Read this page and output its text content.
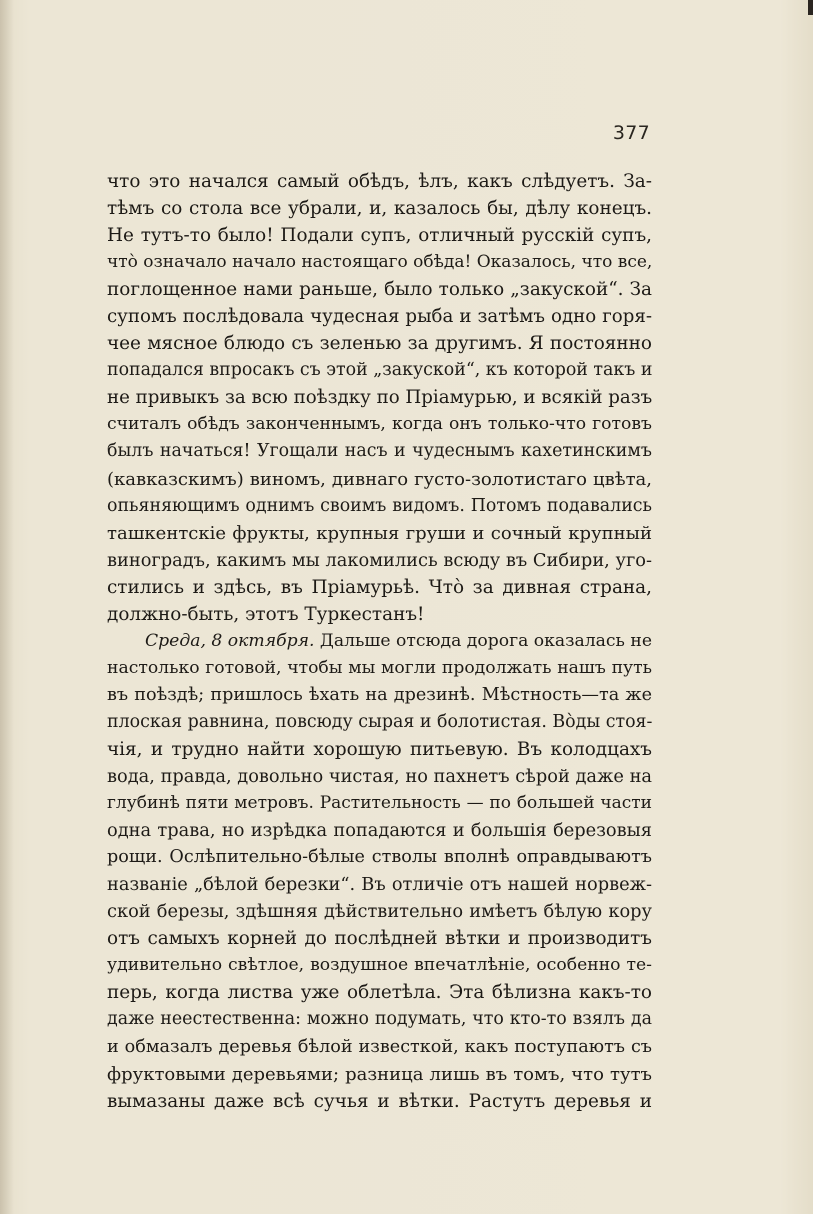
377
что это начался самый обѣдъ, ѣлъ, какъ слѣдуетъ. За-
тѣмъ со стола все убрали, и, казалось бы, дѣлу конецъ.
Не тутъ-то было! Подали супъ, отличный русскій супъ,
что̀ означало начало настоящаго обѣда! Оказалось, что все,
поглощенное нами раньше, было только „закуской“. За
супомъ послѣдовала чудесная рыба и затѣмъ одно горя-
чее мясное блюдо съ зеленью за другимъ. Я постоянно
попадался впросакъ съ этой „закуской“, къ которой такъ и
не привыкъ за всю поѣздку по Пріамурью, и всякій разъ
считалъ обѣдъ законченнымъ, когда онъ только-что готовъ
былъ начаться! Угощали насъ и чудеснымъ кахетинскимъ
(кавказскимъ) виномъ, дивнаго густо-золотистаго цвѣта,
опьяняющимъ однимъ своимъ видомъ. Потомъ подавались
ташкентскіе фрукты, крупныя груши и сочный крупный
виноградъ, какимъ мы лакомились всюду въ Сибири, уго-
стились и здѣсь, въ Пріамурьѣ. Что̀ за дивная страна,
должно-быть, этотъ Туркестанъ!
Среда, 8 октября. Дальше отсюда дорога оказалась не
настолько готовой, чтобы мы могли продолжать нашъ путь
въ поѣздѣ; пришлось ѣхать на дрезинѣ. Мѣстность—та же
плоская равнина, повсюду сырая и болотистая. Во̀ды стоя-
чія, и трудно найти хорошую питьевую. Въ колодцахъ
вода, правда, довольно чистая, но пахнетъ сѣрой даже на
глубинѣ пяти метровъ. Растительность — по большей части
одна трава, но изрѣдка попадаются и большія березовыя
рощи. Ослѣпительно-бѣлые стволы вполнѣ оправдываютъ
названіе „бѣлой березки“. Въ отличіе отъ нашей норвеж-
ской березы, здѣшняя дѣйствительно имѣетъ бѣлую кору
отъ самыхъ корней до послѣдней вѣтки и производитъ
удивительно свѣтлое, воздушное впечатлѣніе, особенно те-
перь, когда листва уже облетѣла. Эта бѣлизна какъ-то
даже неестественна: можно подумать, что кто-то взялъ да
и обмазалъ деревья бѣлой известкой, какъ поступаютъ съ
фруктовыми деревьями; разница лишь въ томъ, что тутъ
вымазаны даже всѣ сучья и вѣтки. Растутъ деревья и
